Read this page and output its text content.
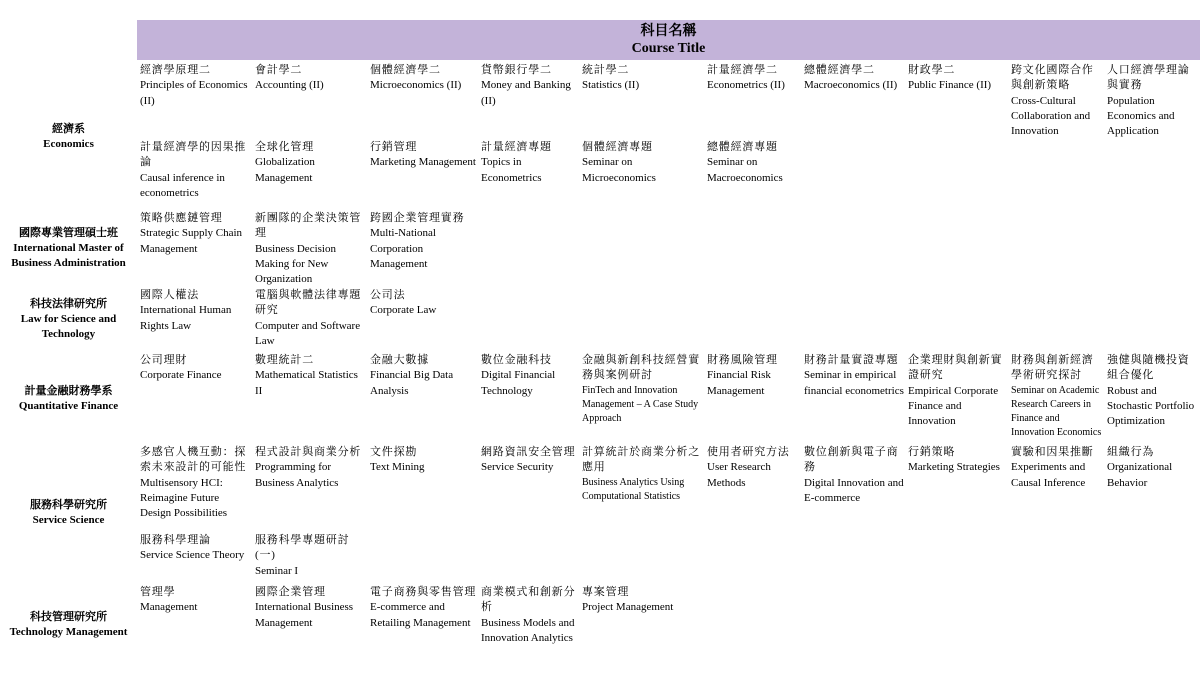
科目名稱
Course Title
經濟系
Economics
國際專業管理碩士班
International Master of Business Administration
科技法律研究所
Law for Science and Technology
計量金融財務學系
Quantitative Finance
服務科學研究所
Service Science
科技管理研究所
Technology Management
經濟學原理二
Principles of Economics (II)
會計學二
Accounting (II)
個體經濟學二
Microeconomics (II)
貨幣銀行學二
Money and Banking (II)
統計學二
Statistics (II)
計量經濟學二
Econometrics (II)
總體經濟學二
Macroeconomics (II)
財政學二
Public Finance (II)
跨文化國際合作與創新策略
Cross-Cultural Collaboration and Innovation
人口經濟學理論與實務
Population Economics and Application
計量經濟學的因果推論
Causal inference in econometrics
全球化管理
Globalization Management
行銷管理
Marketing Management
計量經濟專題
Topics in Econometrics
個體經濟專題
Seminar on Microeconomics
總體經濟專題
Seminar on Macroeconomics
策略供應鏈管理
Strategic Supply Chain Management
新團隊的企業決策管理
Business Decision Making for New Organization
跨國企業管理實務
Multi-National Corporation Management
國際人權法
International Human Rights Law
電腦與軟體法律專題研究
Computer and Software Law
公司法
Corporate Law
公司理財
Corporate Finance
數理統計二
Mathematical Statistics II
金融大數據
Financial Big Data Analysis
數位金融科技
Digital Financial Technology
金融與新創科技經營實務與案例研討
FinTech and Innovation Management – A Case Study Approach
財務風險管理
Financial Risk Management
財務計量實證專題
Seminar in empirical financial econometrics
企業理財與創新實證研究
Empirical Corporate Finance and Innovation
財務與創新經濟學術研究探討
Seminar on Academic Research Careers in Finance and Innovation Economics
強健與隨機投資組合優化
Robust and Stochastic Portfolio Optimization
多感官人機互動：探索未來設計的可能性
Multisensory HCI: Reimagine Future Design Possibilities
程式設計與商業分析
Programming for Business Analytics
文件探勘
Text Mining
網路資訊安全管理
Service Security
計算統計於商業分析之應用
Business Analytics Using Computational Statistics
使用者研究方法
User Research Methods
數位創新與電子商務
Digital Innovation and E-commerce
行銷策略
Marketing Strategies
實驗和因果推斷
Experiments and Causal Inference
組織行為
Organizational Behavior
服務科學理論
Service Science Theory
服務科學專題研討(一)
Seminar I
管理學
Management
國際企業管理
International Business Management
電子商務與零售管理
E-commerce and Retailing Management
商業模式和創新分析
Business Models and Innovation Analytics
專案管理
Project Management
